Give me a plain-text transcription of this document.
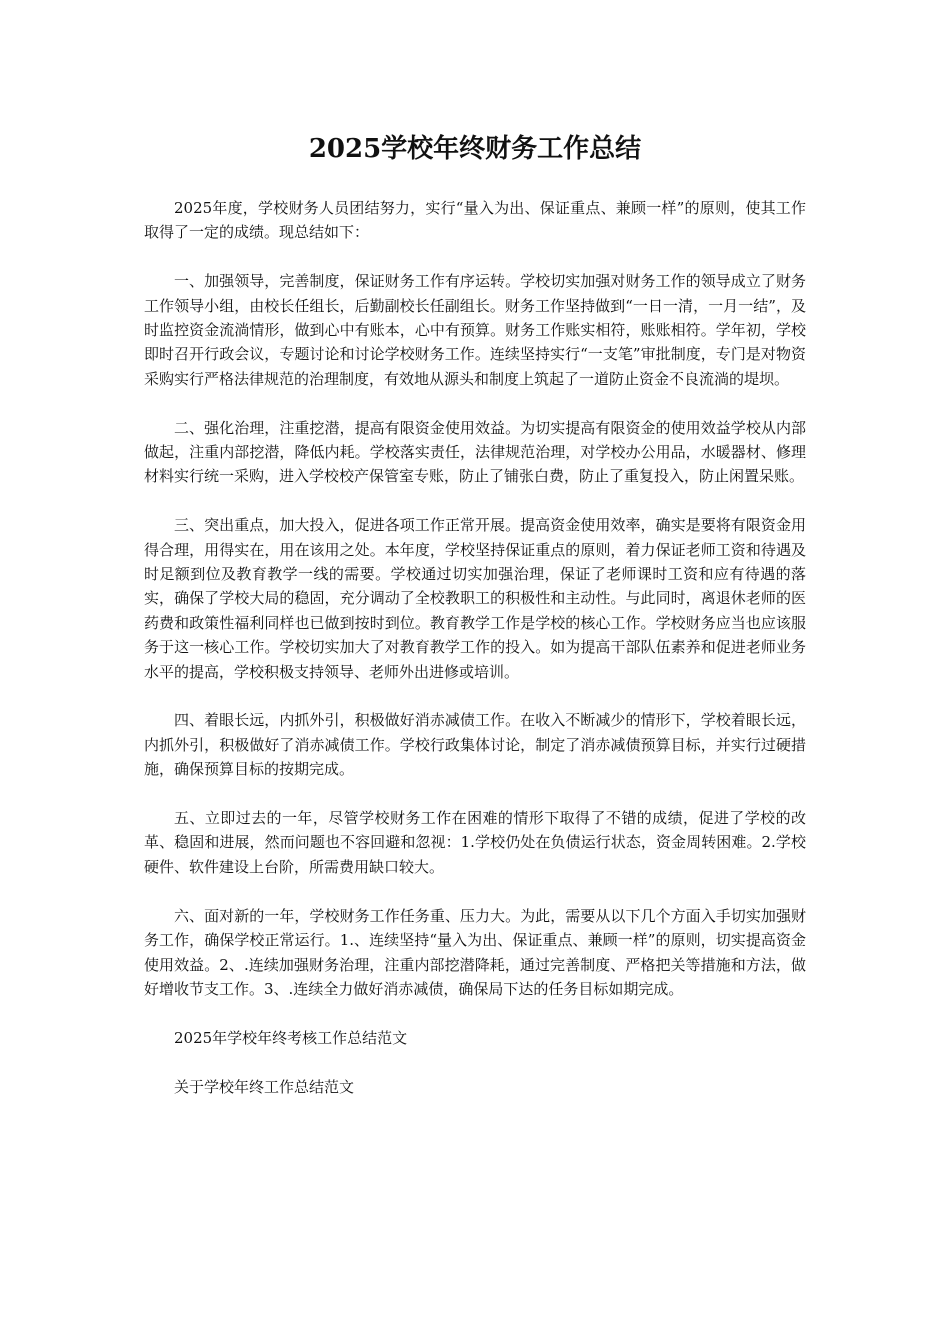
2025学校年终财务工作总结

2025年度，学校财务人员团结努力，实行“量入为出、保证重点、兼顾一样”的原则，使其工作取得了一定的成绩。现总结如下：

一、加强领导，完善制度，保证财务工作有序运转。学校切实加强对财务工作的领导成立了财务工作领导小组，由校长任组长，后勤副校长任副组长。财务工作坚持做到“一日一清，一月一结”，及时监控资金流淌情形，做到心中有账本，心中有预算。财务工作账实相符，账账相符。学年初，学校即时召开行政会议，专题讨论和讨论学校财务工作。连续坚持实行“一支笔”审批制度，专门是对物资采购实行严格法律规范的治理制度，有效地从源头和制度上筑起了一道防止资金不良流淌的堤坝。

二、强化治理，注重挖潜，提高有限资金使用效益。为切实提高有限资金的使用效益学校从内部做起，注重内部挖潜，降低内耗。学校落实责任，法律规范治理，对学校办公用品，水暖器材、修理材料实行统一采购，进入学校校产保管室专账，防止了铺张白费，防止了重复投入，防止闲置呆账。

三、突出重点，加大投入，促进各项工作正常开展。提高资金使用效率，确实是要将有限资金用得合理，用得实在，用在该用之处。本年度，学校坚持保证重点的原则，着力保证老师工资和待遇及时足额到位及教育教学一线的需要。学校通过切实加强治理，保证了老师课时工资和应有待遇的落实，确保了学校大局的稳固，充分调动了全校教职工的积极性和主动性。与此同时，离退休老师的医药费和政策性福利同样也已做到按时到位。教育教学工作是学校的核心工作。学校财务应当也应该服务于这一核心工作。学校切实加大了对教育教学工作的投入。如为提高干部队伍素养和促进老师业务水平的提高，学校积极支持领导、老师外出进修或培训。

四、着眼长远，内抓外引，积极做好消赤减债工作。在收入不断减少的情形下，学校着眼长远，内抓外引，积极做好了消赤减债工作。学校行政集体讨论，制定了消赤减债预算目标，并实行过硬措施，确保预算目标的按期完成。

五、立即过去的一年，尽管学校财务工作在困难的情形下取得了不错的成绩，促进了学校的改革、稳固和进展，然而问题也不容回避和忽视：1.学校仍处在负债运行状态，资金周转困难。2.学校硬件、软件建设上台阶，所需费用缺口较大。

六、面对新的一年，学校财务工作任务重、压力大。为此，需要从以下几个方面入手切实加强财务工作，确保学校正常运行。1.、连续坚持“量入为出、保证重点、兼顾一样”的原则，切实提高资金使用效益。2、.连续加强财务治理，注重内部挖潜降耗，通过完善制度、严格把关等措施和方法，做好增收节支工作。3、.连续全力做好消赤减债，确保局下达的任务目标如期完成。

2025年学校年终考核工作总结范文

关于学校年终工作总结范文
